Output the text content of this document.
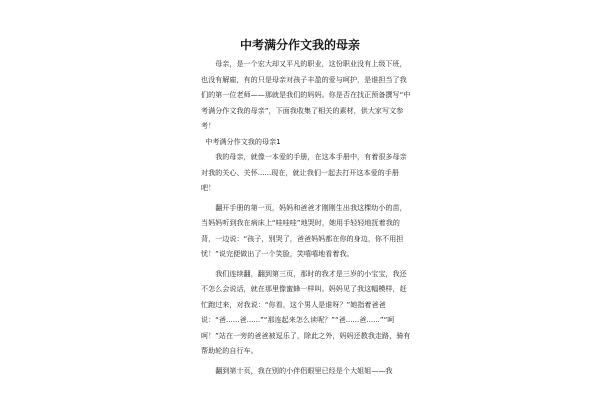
中考满分作文我的母亲

母亲，是一个宏大却又平凡的职业，这份职业没有上级下班，也没有解雇，有的只是母亲对孩子丰盈的爱与呵护，是谁担当了我们的第一位老师——那就是我们的妈妈。你是否在找正预备撰写“中考满分作文我的母亲”，下面我收集了相关的素材，供大家写文参考！

中考满分作文我的母亲1

我的母亲，就像一本爱的手册，在这本手册中，有着很多母亲对我的关心、关怀......现在，就让我们一起去打开这本爱的手册吧！

翻开手册的第一页，妈妈和爸爸才刚刚生出我这棵幼小的苗，当妈妈听到我在病床上“哇哇哇”地哭时，她用手轻轻地抚着我的背，一边说：“孩子，别哭了，爸爸妈妈都在你的身边，你不用担忧！”说完便做出了一个笑脸，笑嘻嘻地看着我。

我们连续翻，翻到第三页，那时的我才是三岁的小宝宝，我还不怎么会说话，就在那里像蜜蜂一样叫。妈妈见了我这幅模样，赶忙跑过来，对我说：“你看，这个男人是谁呀？”她指着爸爸说：“爸......爸......”“那连起来怎么读呢？”“爸......爸......”“呵呵！”站在一旁的爸爸被逗乐了，除此之外，妈妈还教我走路，骑有帮助轮的自行车。

翻到第十页，我在别的小伴侣眼里已经是个大姐姐——我
